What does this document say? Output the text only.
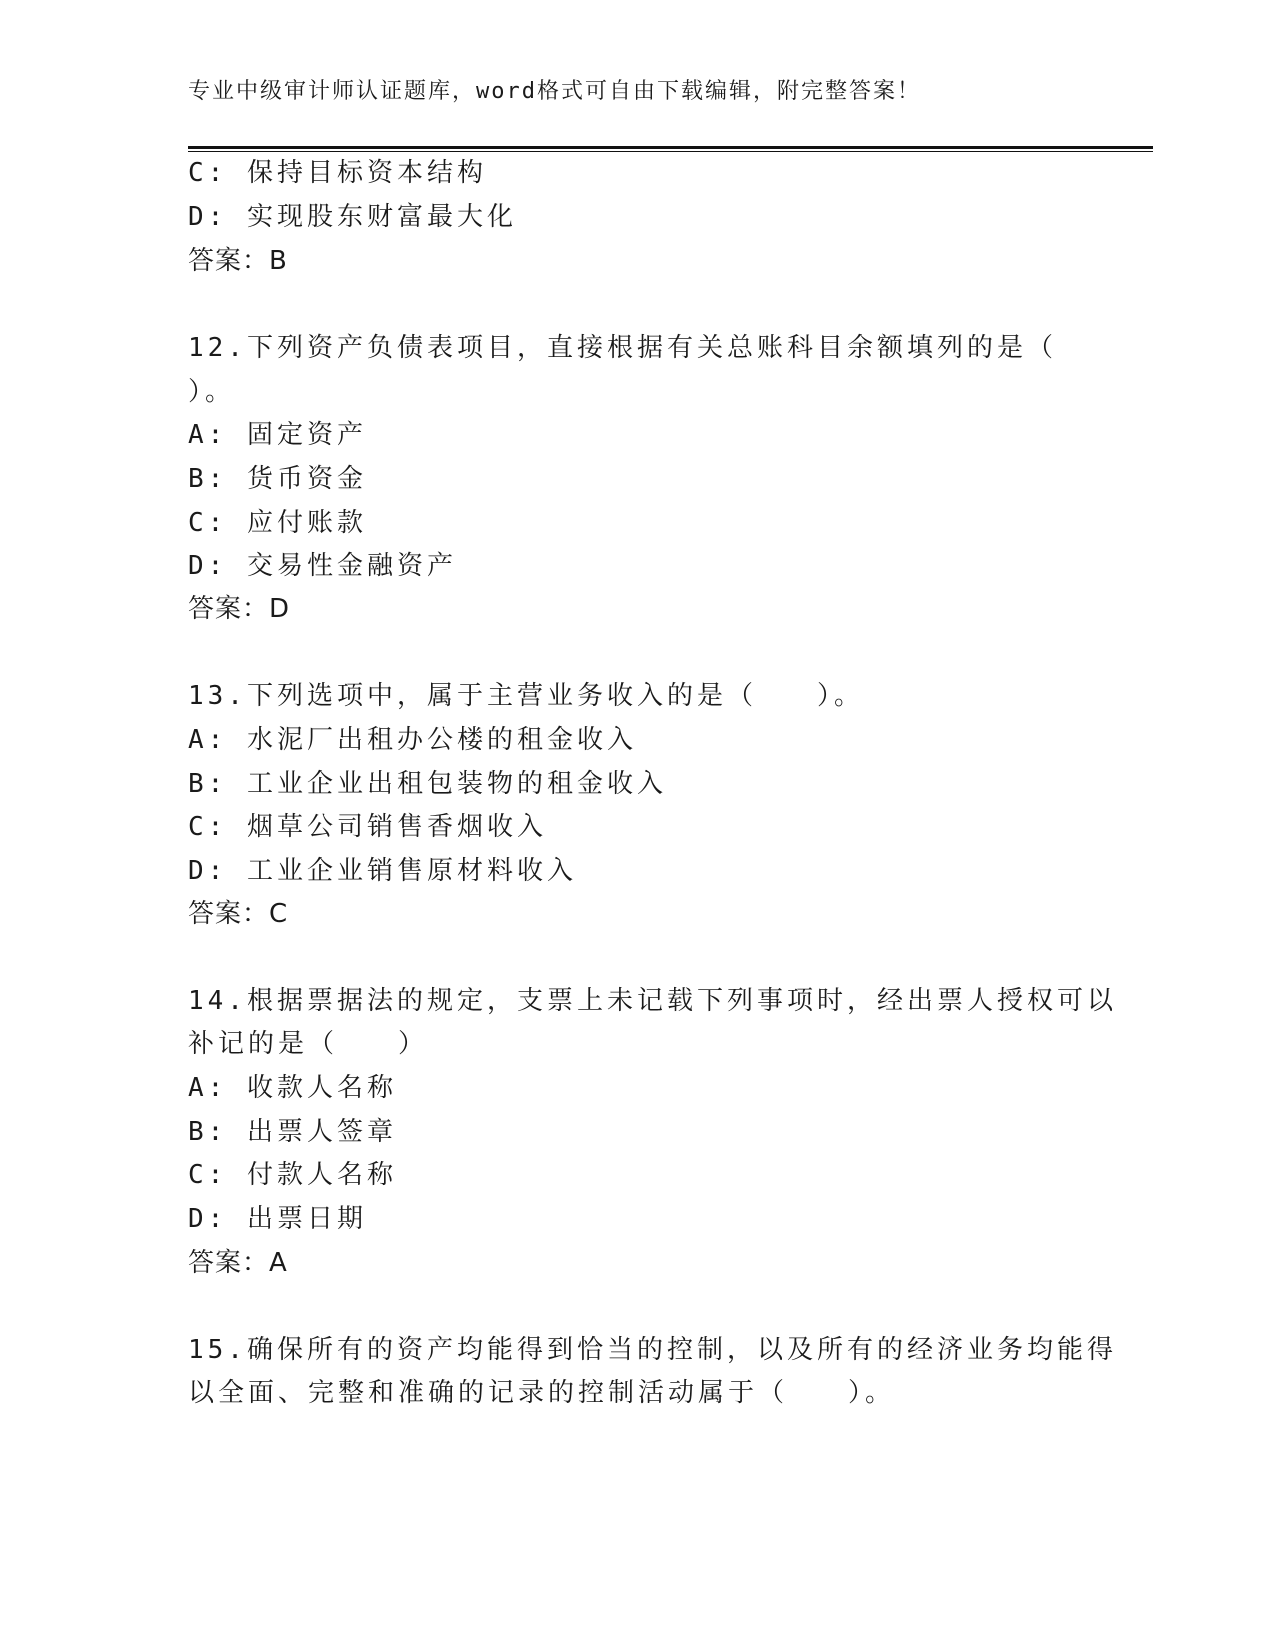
专业中级审计师认证题库，word格式可自由下载编辑，附完整答案！
C: 保持目标资本结构
D: 实现股东财富最大化
答案：B
12.下列资产负债表项目，直接根据有关总账科目余额填列的是（
）。
A: 固定资产
B: 货币资金
C: 应付账款
D: 交易性金融资产
答案：D
13.下列选项中，属于主营业务收入的是（　　）。
A: 水泥厂出租办公楼的租金收入
B: 工业企业出租包装物的租金收入
C: 烟草公司销售香烟收入
D: 工业企业销售原材料收入
答案：C
14.根据票据法的规定，支票上未记载下列事项时，经出票人授权可以
补记的是（　　）
A: 收款人名称
B: 出票人签章
C: 付款人名称
D: 出票日期
答案：A
15.确保所有的资产均能得到恰当的控制，以及所有的经济业务均能得
以全面、完整和准确的记录的控制活动属于（　　）。
